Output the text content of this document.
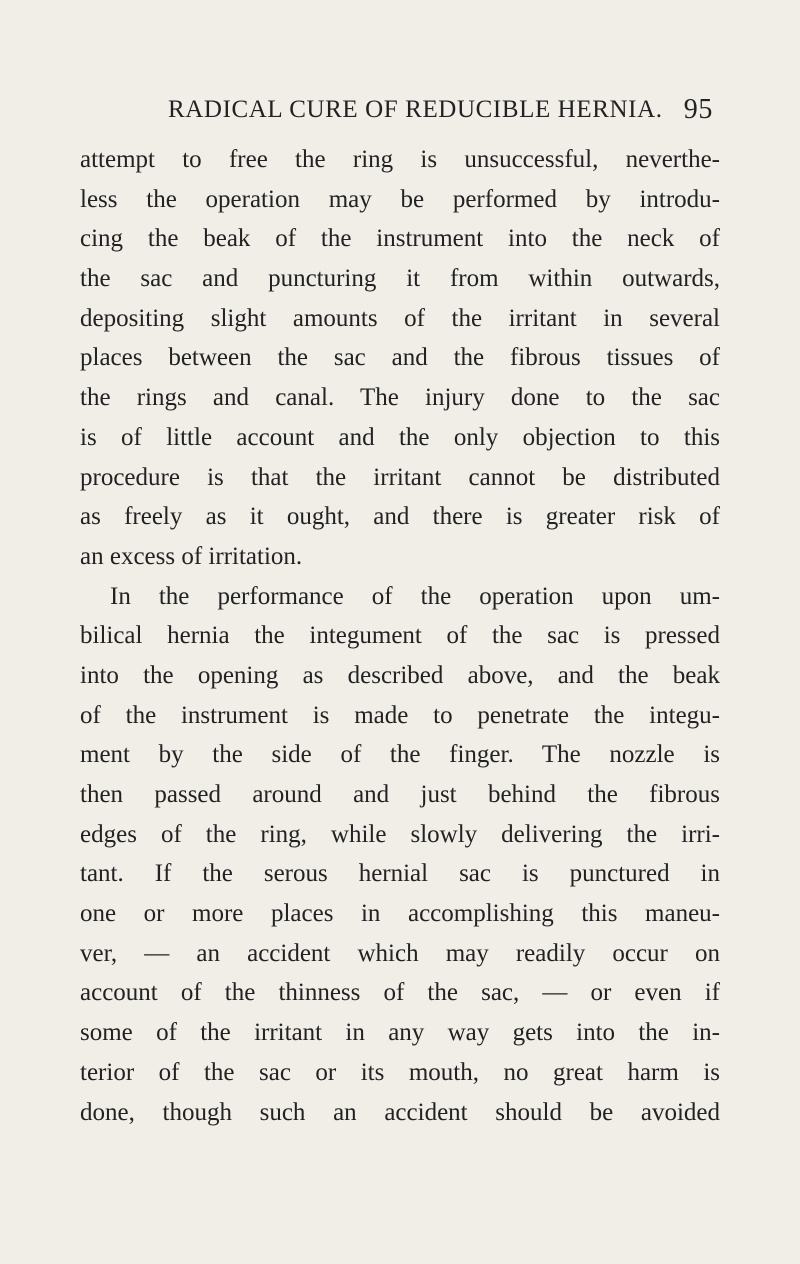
RADICAL CURE OF REDUCIBLE HERNIA. 95
attempt to free the ring is unsuccessful, neverthe-
less the operation may be performed by introdu-
cing the beak of the instrument into the neck of
the sac and puncturing it from within outwards,
depositing slight amounts of the irritant in several
places between the sac and the fibrous tissues of
the rings and canal. The injury done to the sac
is of little account and the only objection to this
procedure is that the irritant cannot be distributed
as freely as it ought, and there is greater risk of
an excess of irritation.
In the performance of the operation upon um-
bilical hernia the integument of the sac is pressed
into the opening as described above, and the beak
of the instrument is made to penetrate the integu-
ment by the side of the finger. The nozzle is
then passed around and just behind the fibrous
edges of the ring, while slowly delivering the irri-
tant. If the serous hernial sac is punctured in
one or more places in accomplishing this maneu-
ver, — an accident which may readily occur on
account of the thinness of the sac, — or even if
some of the irritant in any way gets into the in-
terior of the sac or its mouth, no great harm is
done, though such an accident should be avoided
